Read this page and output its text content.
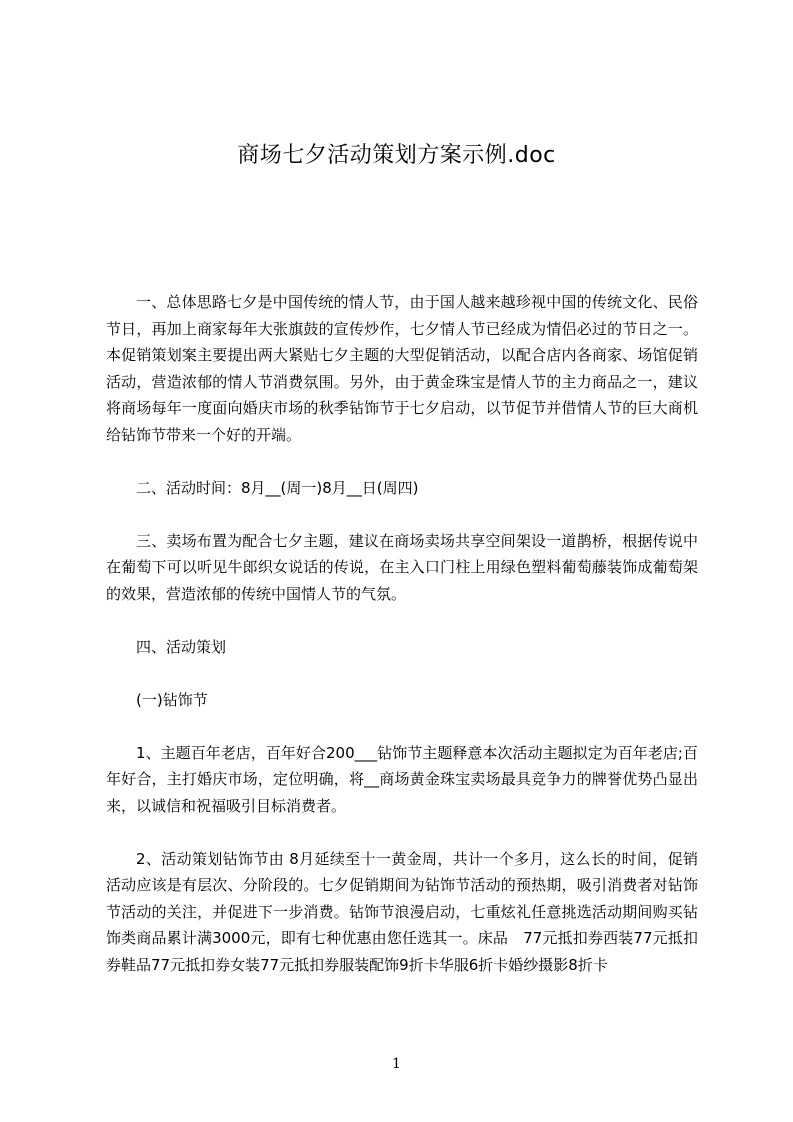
商场七夕活动策划方案示例.doc

一、总体思路七夕是中国传统的情人节，由于国人越来越珍视中国的传统文化、民俗节日，再加上商家每年大张旗鼓的宣传炒作，七夕情人节已经成为情侣必过的节日之一。本促销策划案主要提出两大紧贴七夕主题的大型促销活动，以配合店内各商家、场馆促销活动，营造浓郁的情人节消费氛围。另外，由于黄金珠宝是情人节的主力商品之一，建议将商场每年一度面向婚庆市场的秋季钻饰节于七夕启动，以节促节并借情人节的巨大商机给钻饰节带来一个好的开端。

二、活动时间：8月__(周一)8月__日(周四)

三、卖场布置为配合七夕主题，建议在商场卖场共享空间架设一道鹊桥，根据传说中在葡萄下可以听见牛郎织女说话的传说，在主入口门柱上用绿色塑料葡萄藤装饰成葡萄架的效果，营造浓郁的传统中国情人节的气氛。

四、活动策划

(一)钻饰节

1、主题百年老店，百年好合200___钻饰节主题释意本次活动主题拟定为百年老店;百年好合，主打婚庆市场，定位明确，将__商场黄金珠宝卖场最具竞争力的牌誉优势凸显出来，以诚信和祝福吸引目标消费者。

2、活动策划钻饰节由 8月延续至十一黄金周，共计一个多月，这么长的时间，促销活动应该是有层次、分阶段的。七夕促销期间为钻饰节活动的预热期，吸引消费者对钻饰节活动的关注，并促进下一步消费。钻饰节浪漫启动，七重炫礼任意挑选活动期间购买钻饰类商品累计满3000元，即有七种优惠由您任选其一。床品　77元抵扣券西装77元抵扣券鞋品77元抵扣券女装77元抵扣券服装配饰9折卡华服6折卡婚纱摄影8折卡

1
